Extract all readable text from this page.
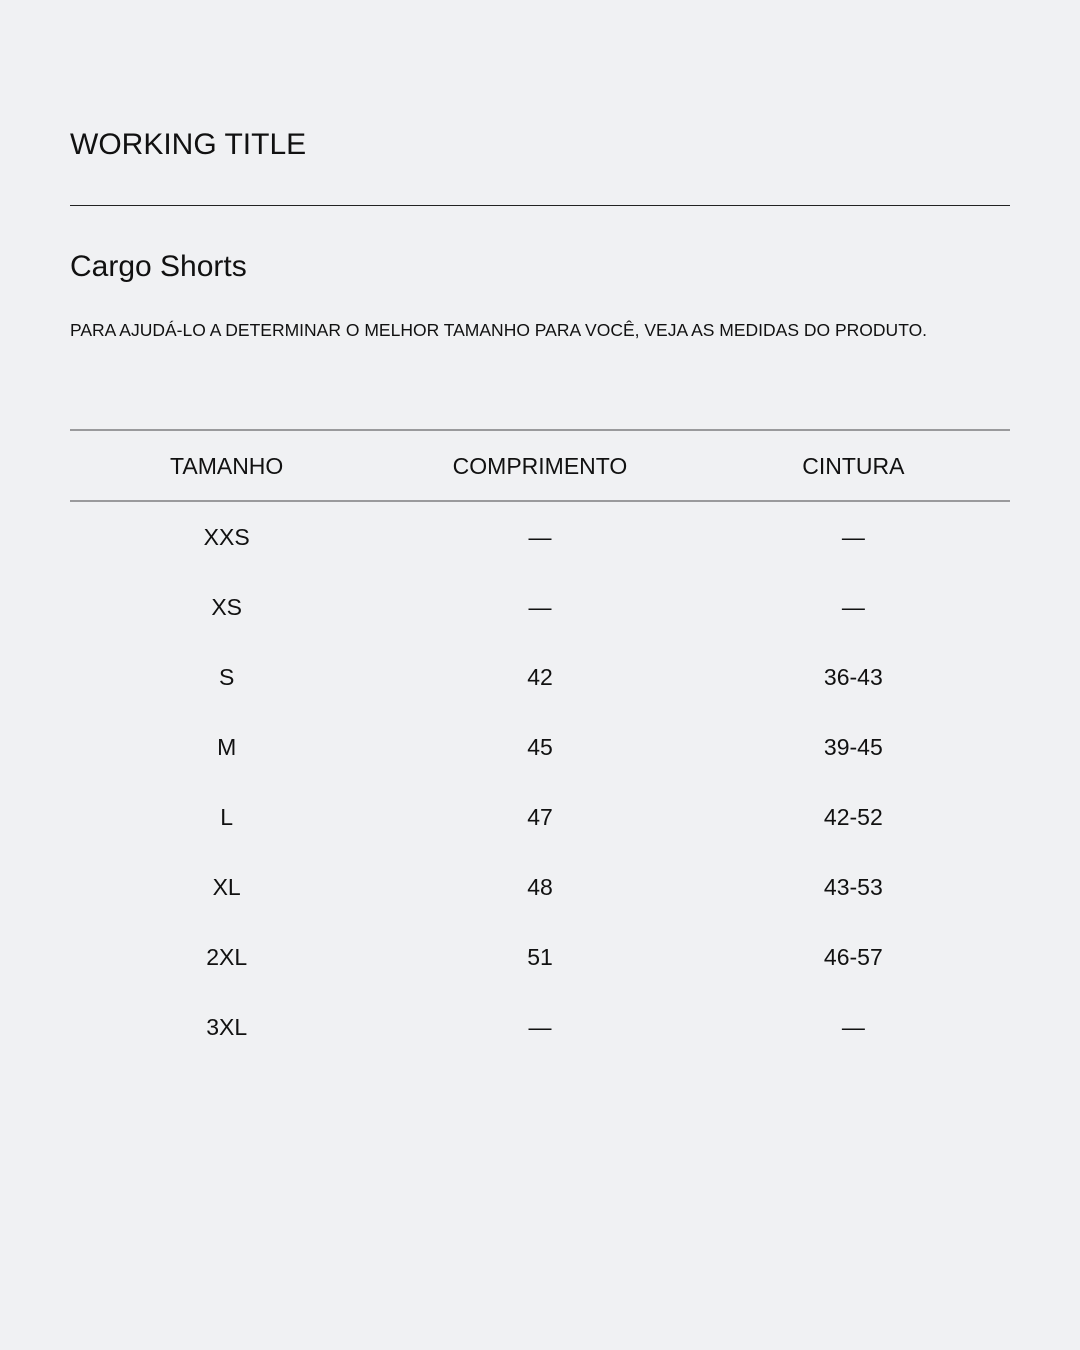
WORKING TITLE
Cargo Shorts

PARA AJUDÁ-LO A DETERMINAR O MELHOR TAMANHO PARA VOCÊ, VEJA AS MEDIDAS DO PRODUTO.

TAMANHO	COMPRIMENTO	CINTURA
XXS	—	—
XS	—	—
S	42	36-43
M	45	39-45
L	47	42-52
XL	48	43-53
2XL	51	46-57
3XL	—	—
